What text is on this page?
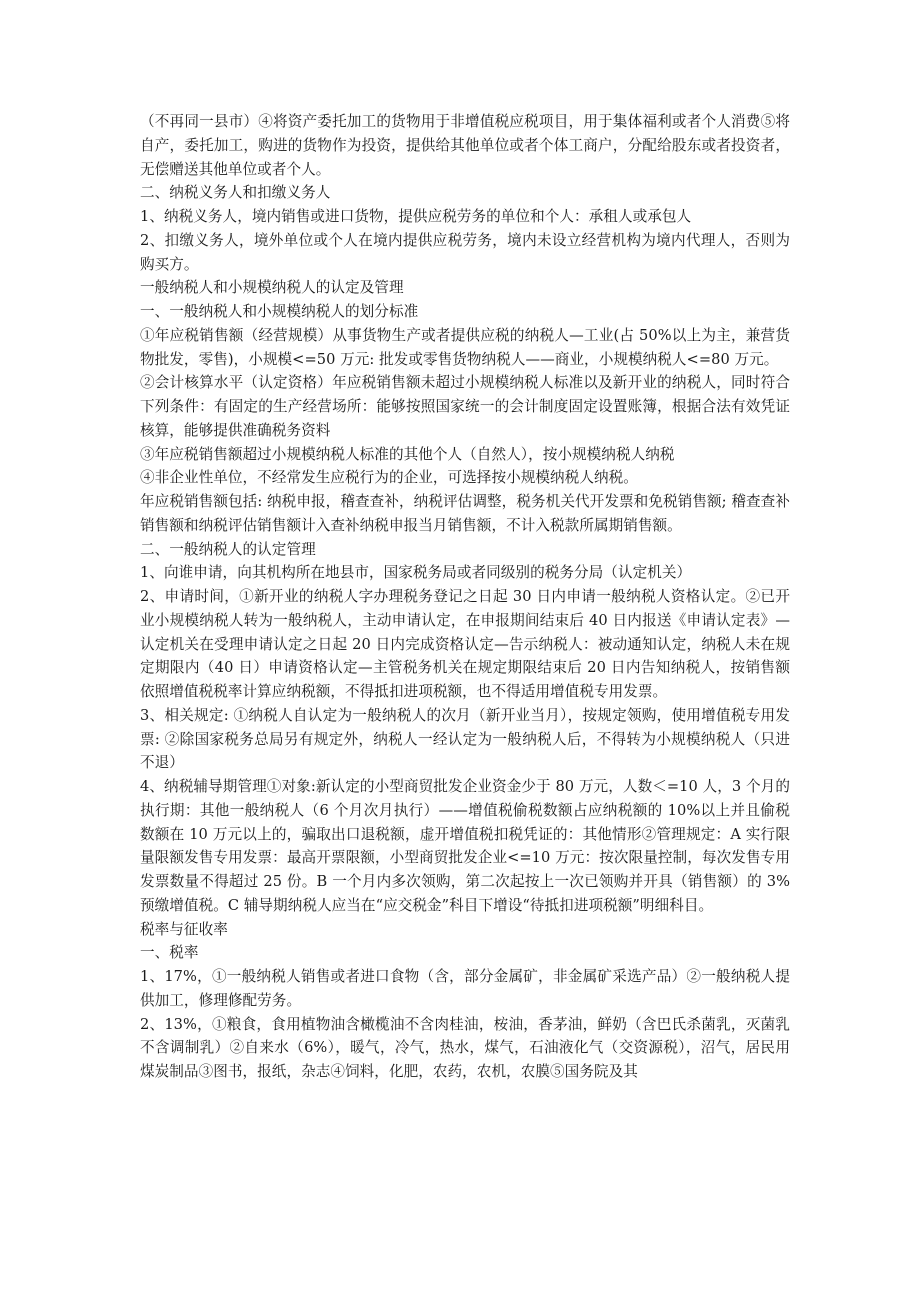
（不再同一县市）④将资产委托加工的货物用于非增值税应税项目，用于集体福利或者个人消费⑤将自产，委托加工，购进的货物作为投资，提供给其他单位或者个体工商户，分配给股东或者投资者，无偿赠送其他单位或者个人。

二、纳税义务人和扣缴义务人

1、纳税义务人，境内销售或进口货物，提供应税劳务的单位和个人：承租人或承包人

2、扣缴义务人，境外单位或个人在境内提供应税劳务，境内未设立经营机构为境内代理人，否则为购买方。

一般纳税人和小规模纳税人的认定及管理

一、一般纳税人和小规模纳税人的划分标准

①年应税销售额（经营规模）从事货物生产或者提供应税的纳税人—工业(占 50%以上为主，兼营货物批发，零售)，小规模<=50 万元: 批发或零售货物纳税人——商业，小规模纳税人<=80 万元。

②会计核算水平（认定资格）年应税销售额未超过小规模纳税人标准以及新开业的纳税人，同时符合下列条件：有固定的生产经营场所：能够按照国家统一的会计制度固定设置账簿，根据合法有效凭证核算，能够提供准确税务资料

③年应税销售额超过小规模纳税人标准的其他个人（自然人），按小规模纳税人纳税

④非企业性单位，不经常发生应税行为的企业，可选择按小规模纳税人纳税。

年应税销售额包括: 纳税申报，稽查查补，纳税评估调整，税务机关代开发票和免税销售额; 稽查查补销售额和纳税评估销售额计入查补纳税申报当月销售额，不计入税款所属期销售额。

二、一般纳税人的认定管理

1、向谁申请，向其机构所在地县市，国家税务局或者同级别的税务分局（认定机关）

2、申请时间，①新开业的纳税人字办理税务登记之日起 30 日内申请一般纳税人资格认定。②已开业小规模纳税人转为一般纳税人，主动申请认定，在申报期间结束后 40 日内报送《申请认定表》—认定机关在受理申请认定之日起 20 日内完成资格认定—告示纳税人：被动通知认定，纳税人未在规定期限内（40 日）申请资格认定—主管税务机关在规定期限结束后 20 日内告知纳税人，按销售额依照增值税税率计算应纳税额，不得抵扣进项税额，也不得适用增值税专用发票。

3、相关规定: ①纳税人自认定为一般纳税人的次月（新开业当月），按规定领购，使用增值税专用发票: ②除国家税务总局另有规定外，纳税人一经认定为一般纳税人后，不得转为小规模纳税人（只进不退）

4、纳税辅导期管理①对象:新认定的小型商贸批发企业资金少于 80 万元，人数＜=10 人，3 个月的执行期：其他一般纳税人（6 个月次月执行）——增值税偷税数额占应纳税额的 10%以上并且偷税数额在 10 万元以上的，骗取出口退税额，虚开增值税扣税凭证的：其他情形②管理规定：A 实行限量限额发售专用发票：最高开票限额，小型商贸批发企业<=10 万元：按次限量控制，每次发售专用发票数量不得超过 25 份。B 一个月内多次领购，第二次起按上一次已领购并开具（销售额）的 3%预缴增值税。C 辅导期纳税人应当在“应交税金”科目下增设“待抵扣进项税额”明细科目。

税率与征收率

一、税率

1、17%，①一般纳税人销售或者进口食物（含，部分金属矿，非金属矿采选产品）②一般纳税人提供加工，修理修配劳务。

2、13%，①粮食，食用植物油含橄榄油不含肉桂油，桉油，香茅油，鲜奶（含巴氏杀菌乳，灭菌乳不含调制乳）②自来水（6%），暖气，冷气，热水，煤气，石油液化气（交资源税），沼气，居民用煤炭制品③图书，报纸，杂志④饲料，化肥，农药，农机，农膜⑤国务院及其
